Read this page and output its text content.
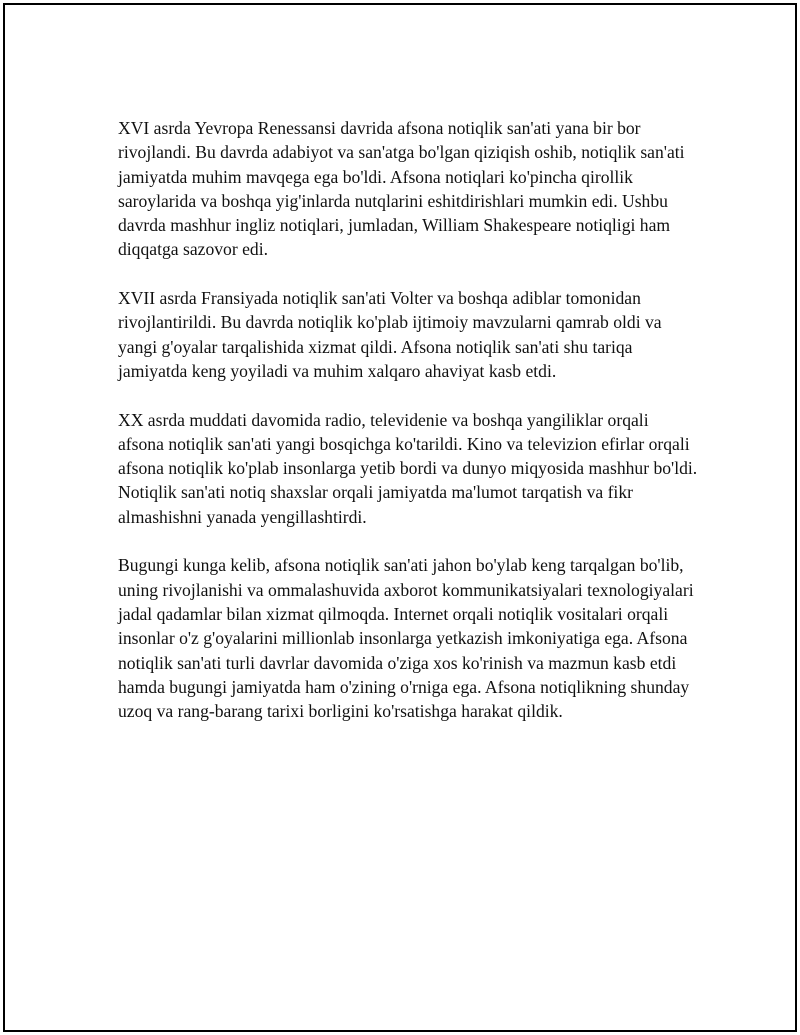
XVI asrda Yevropa Renessansi davrida afsona notiqlik san'ati yana bir bor rivojlandi. Bu davrda adabiyot va san'atga bo'lgan qiziqish oshib, notiqlik san'ati jamiyatda muhim mavqega ega bo'ldi. Afsona notiqlari ko'pincha qirollik saroylarida va boshqa yig'inlarda nutqlarini eshitdirishlari mumkin edi. Ushbu davrda mashhur ingliz notiqlari, jumladan, William Shakespeare notiqligi ham diqqatga sazovor edi.

XVII asrda Fransiyada notiqlik san'ati Volter va boshqa adiblar tomonidan rivojlantirildi. Bu davrda notiqlik ko'plab ijtimoiy mavzularni qamrab oldi va yangi g'oyalar tarqalishida xizmat qildi. Afsona notiqlik san'ati shu tariqa jamiyatda keng yoyiladi va muhim xalqaro ahaviyat kasb etdi.

XX asrda muddati davomida radio, televidenie va boshqa yangiliklar orqali afsona notiqlik san'ati yangi bosqichga ko'tarildi. Kino va televizion efirlar orqali afsona notiqlik ko'plab insonlarga yetib bordi va dunyo miqyosida mashhur bo'ldi. Notiqlik san'ati notiq shaxslar orqali jamiyatda ma'lumot tarqatish va fikr almashishni yanada yengillashtirdi.

Bugungi kunga kelib, afsona notiqlik san'ati jahon bo'ylab keng tarqalgan bo'lib, uning rivojlanishi va ommalashuvida axborot kommunikatsiyalari texnologiyalari jadal qadamlar bilan xizmat qilmoqda. Internet orqali notiqlik vositalari orqali insonlar o'z g'oyalarini millionlab insonlarga yetkazish imkoniyatiga ega. Afsona notiqlik san'ati turli davrlar davomida o'ziga xos ko'rinish va mazmun kasb etdi hamda bugungi jamiyatda ham o'zining o'rniga ega. Afsona notiqlikning shunday uzoq va rang-barang tarixi borligini ko'rsatishga harakat qildik.
